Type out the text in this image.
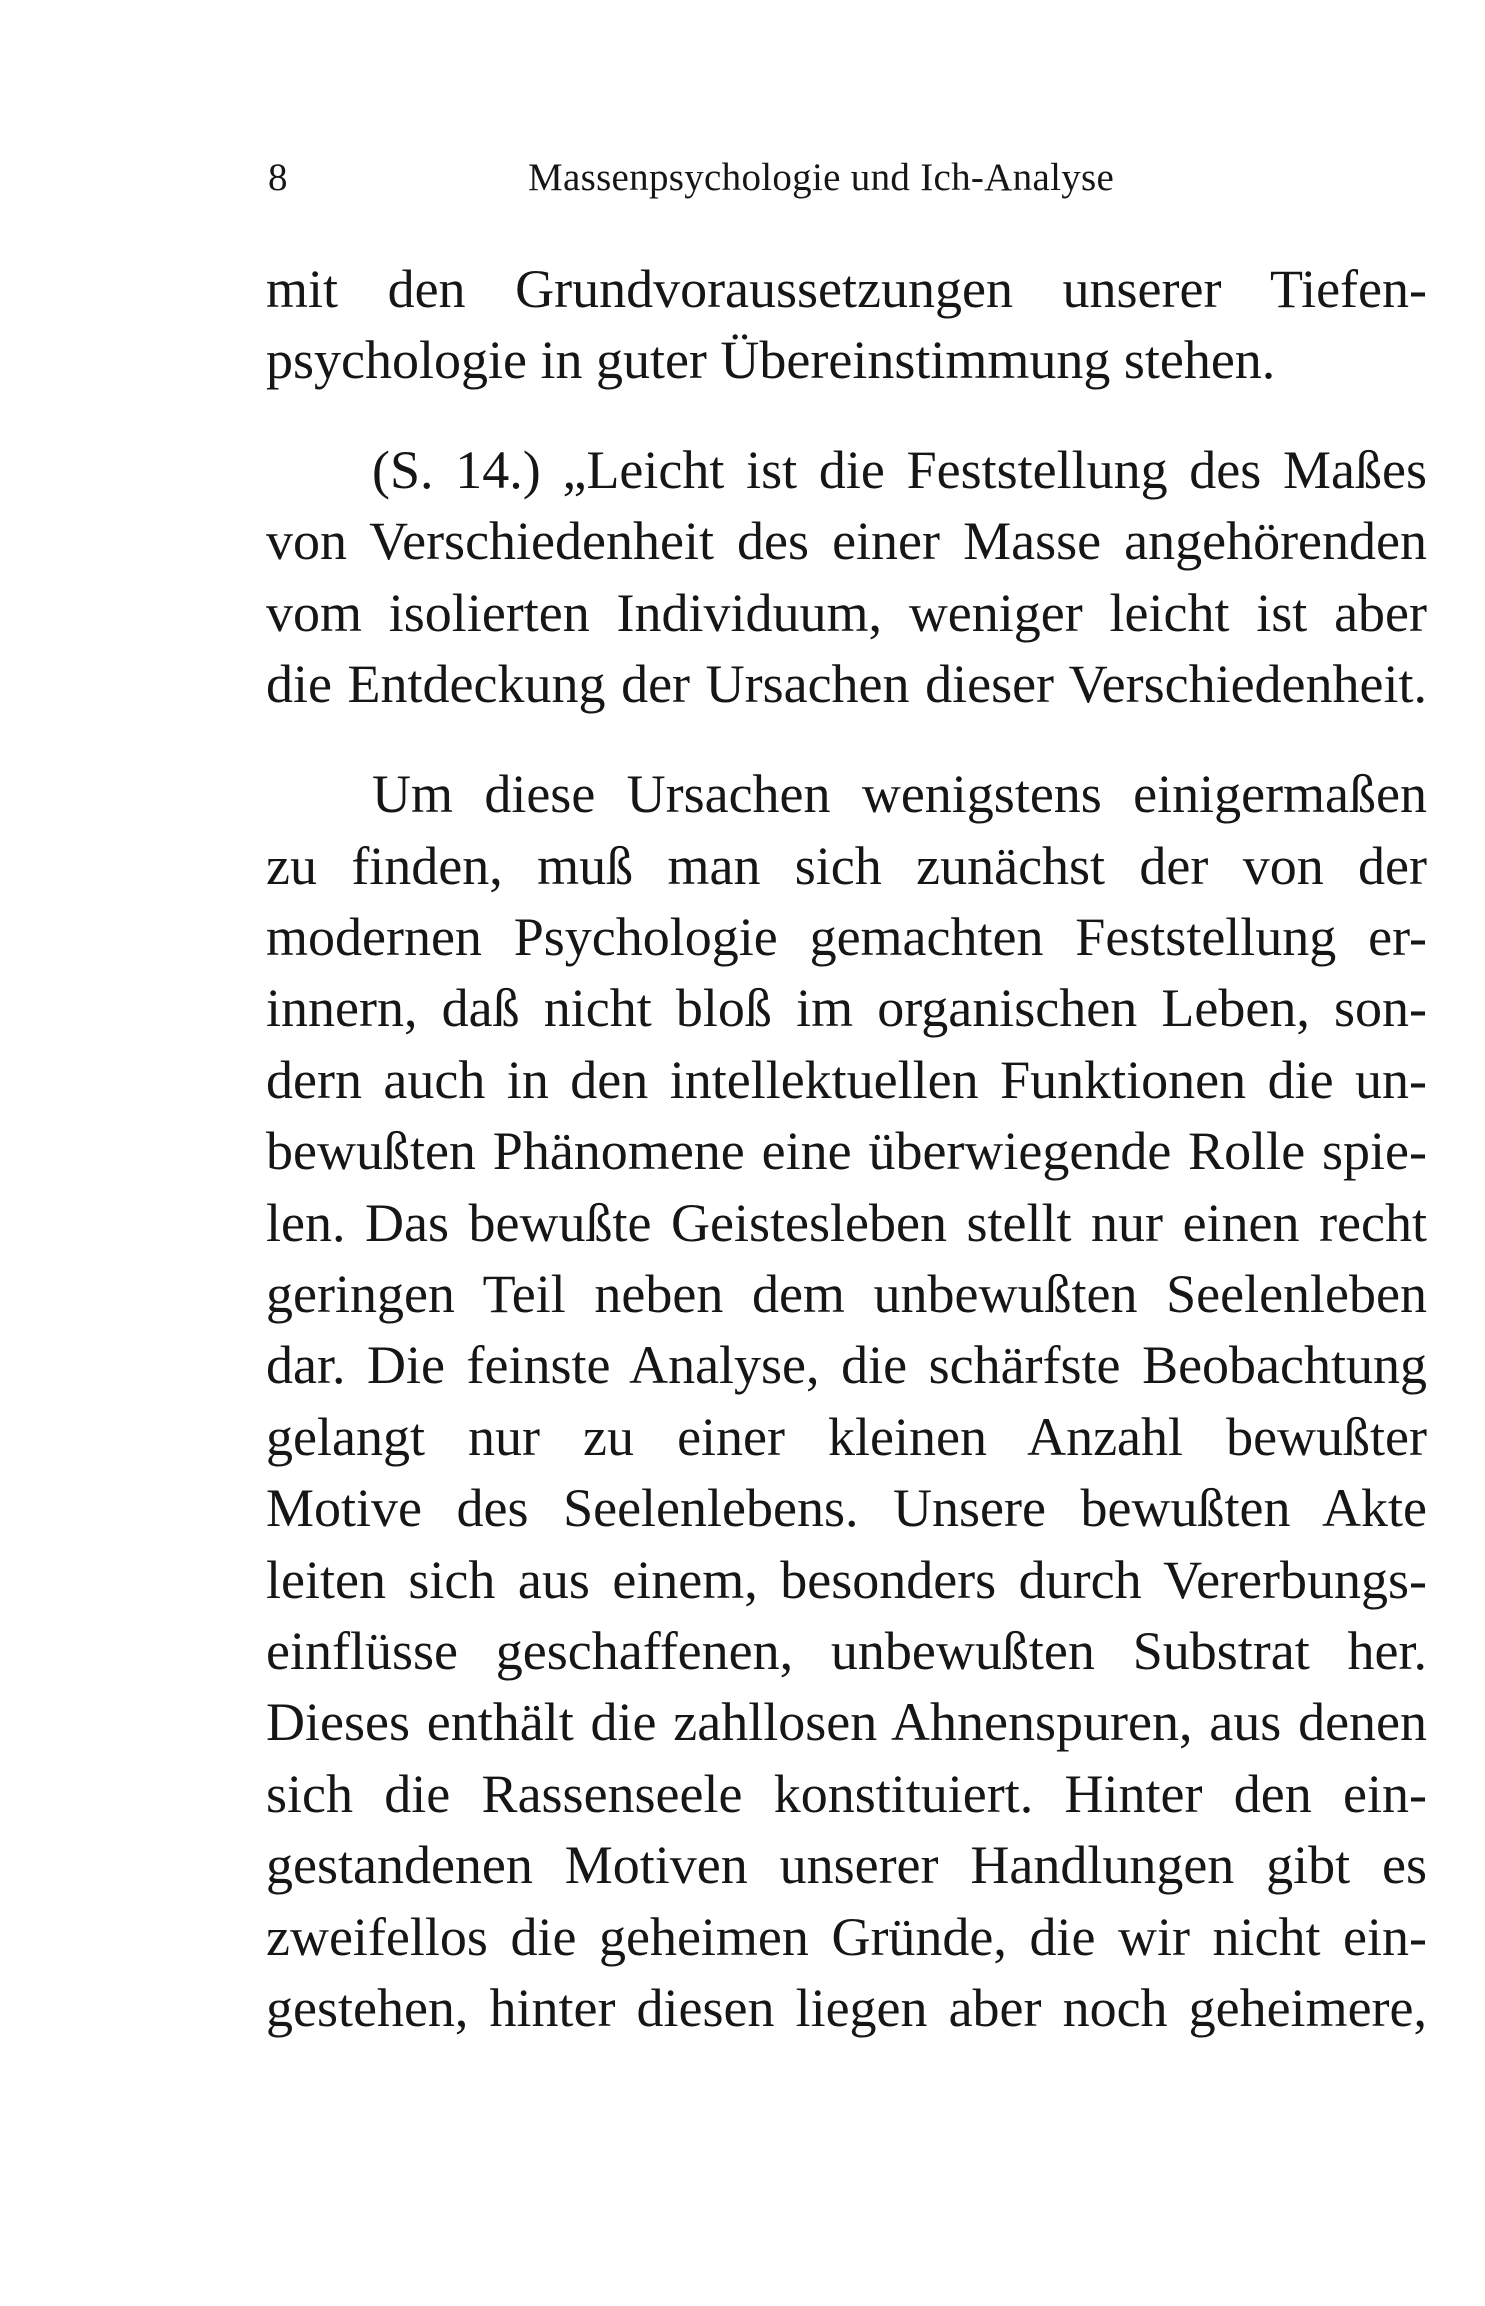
8	Massenpsychologie und Ich-Analyse
mit den Grundvoraussetzungen unserer Tiefen-
psychologie in guter Übereinstimmung stehen.
(S. 14.) „Leicht ist die Feststellung des Maßes
von Verschiedenheit des einer Masse angehörenden
vom isolierten Individuum, weniger leicht ist aber
die Entdeckung der Ursachen dieser Verschiedenheit.
Um diese Ursachen wenigstens einigermaßen
zu finden, muß man sich zunächst der von der
modernen Psychologie gemachten Feststellung er-
innern, daß nicht bloß im organischen Leben, son-
dern auch in den intellektuellen Funktionen die un-
bewußten Phänomene eine überwiegende Rolle spie-
len. Das bewußte Geistesleben stellt nur einen recht
geringen Teil neben dem unbewußten Seelenleben
dar. Die feinste Analyse, die schärfste Beobachtung
gelangt nur zu einer kleinen Anzahl bewußter
Motive des Seelenlebens. Unsere bewußten Akte
leiten sich aus einem, besonders durch Vererbungs-
einflüsse geschaffenen, unbewußten Substrat her.
Dieses enthält die zahllosen Ahnenspuren, aus denen
sich die Rassenseele konstituiert. Hinter den ein-
gestandenen Motiven unserer Handlungen gibt es
zweifellos die geheimen Gründe, die wir nicht ein-
gestehen, hinter diesen liegen aber noch geheimere,
